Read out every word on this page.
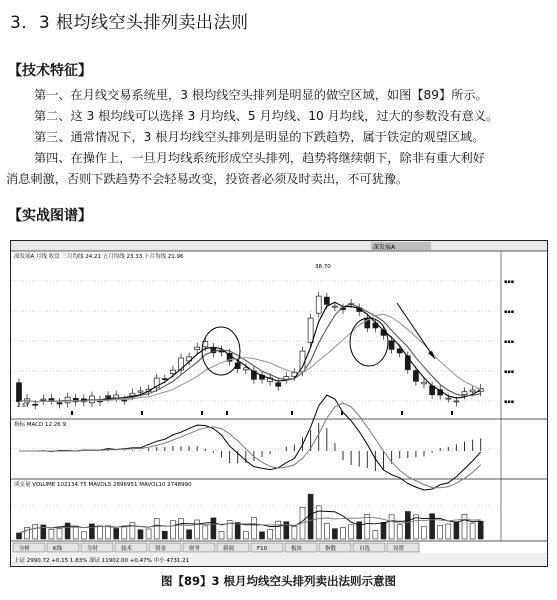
3．3 根均线空头排列卖出法则
【技术特征】
第一、在月线交易系统里，3 根均线空头排列是明显的做空区域，如图【89】所示。
第二、这 3 根均线可以选择 3 月均线、5 月均线、10 月均线，过大的参数没有意义。
第三、通常情况下，3 根月均线空头排列是明显的下跌趋势，属于铁定的观望区域。
第四、在操作上，一旦月均线系统形成空头排列，趋势将继续朝下，除非有重大利好
消息刺激，否则下跌趋势不会轻易改变，投资者必须及时卖出，不可犹豫。
【实战图谱】
深发展A
深发展A 月线 收盘 三月均线 24.21 五月均线 23.33 十月均线 21.96
指标 MACD 12 26 9
成交量 VOLUME 102134.75 MAVOL5 2896951 MAVOL10 2748990
▪▪▪
▪▪▪
▪▪▪
▪▪▪
▪▪▪
38.70
2.67
分析	K线	分时	技术	资金	财务	新闻	F10	板块	指数	自选	设置
上证 2990.72 +0.15 1.83% 深证 11902.00 +0.47% 中小 4731.21
图【89】3 根月均线空头排列卖出法则示意图
